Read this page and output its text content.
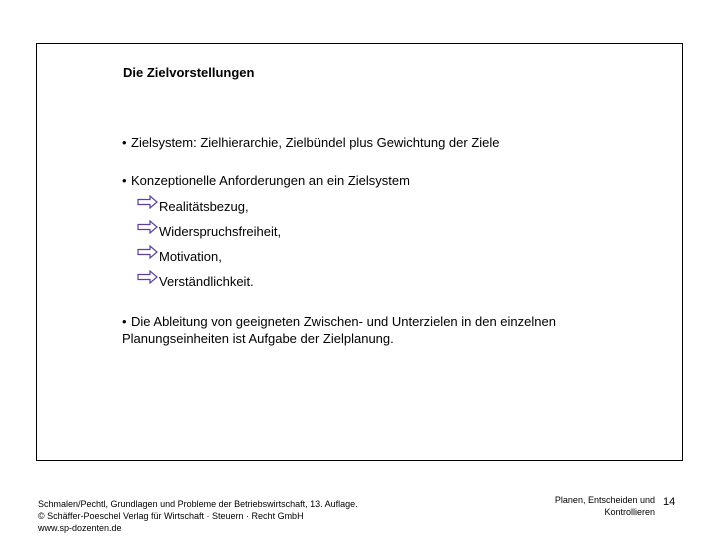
Die Zielvorstellungen
• Zielsystem: Zielhierarchie, Zielbündel plus Gewichtung der Ziele
• Konzeptionelle Anforderungen an ein Zielsystem
Realitätsbezug,
Widerspruchsfreiheit,
Motivation,
Verständlichkeit.
• Die Ableitung von geeigneten Zwischen- und Unterzielen in den einzelnen Planungseinheiten ist Aufgabe der Zielplanung.
Schmalen/Pechtl, Grundlagen und Probleme der Betriebswirtschaft, 13. Auflage.
© Schäffer-Poeschel Verlag für Wirtschaft · Steuern · Recht GmbH
www.sp-dozenten.de
Planen, Entscheiden und
Kontrollieren
14
